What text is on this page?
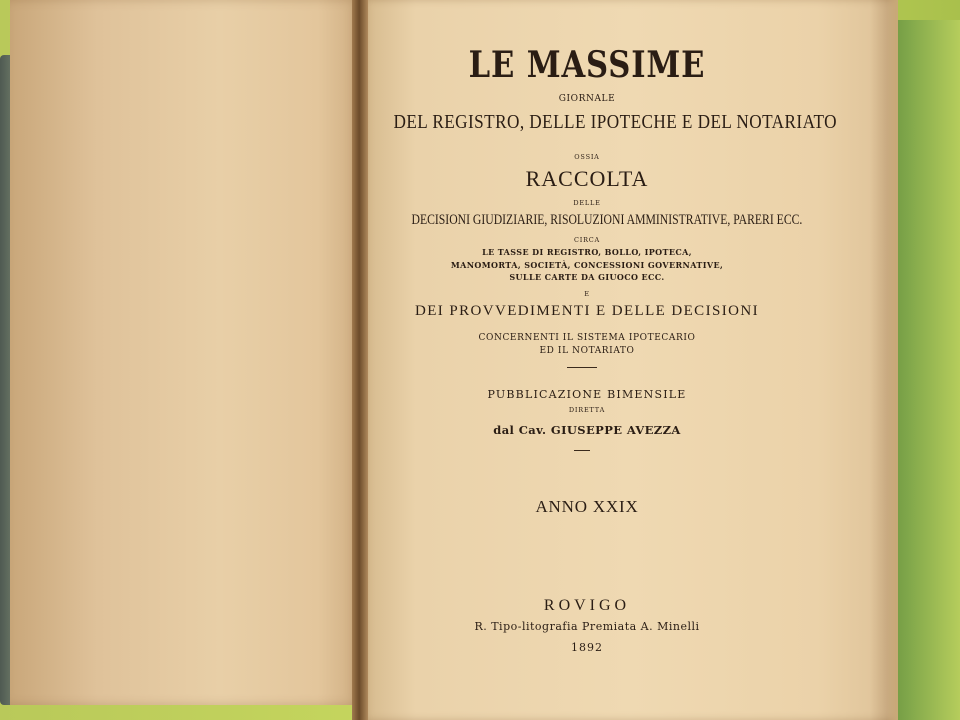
LE MASSIME
GIORNALE
DEL REGISTRO, DELLE IPOTECHE E DEL NOTARIATO
OSSIA
RACCOLTA
DELLE
DECISIONI GIUDIZIARIE, RISOLUZIONI AMMINISTRATIVE, PARERI ECC.
CIRCA
LE TASSE DI REGISTRO, BOLLO, IPOTECA,
MANOMORTA, SOCIETÀ, CONCESSIONI GOVERNATIVE,
SULLE CARTE DA GIUOCO ECC.
E
DEI PROVVEDIMENTI E DELLE DECISIONI
CONCERNENTI IL SISTEMA IPOTECARIO
ED IL NOTARIATO
PUBBLICAZIONE BIMENSILE
DIRETTA
dal Cav. GIUSEPPE AVEZZA
ANNO XXIX
ROVIGO
R. Tipo-litografia Premiata A. Minelli
1892
